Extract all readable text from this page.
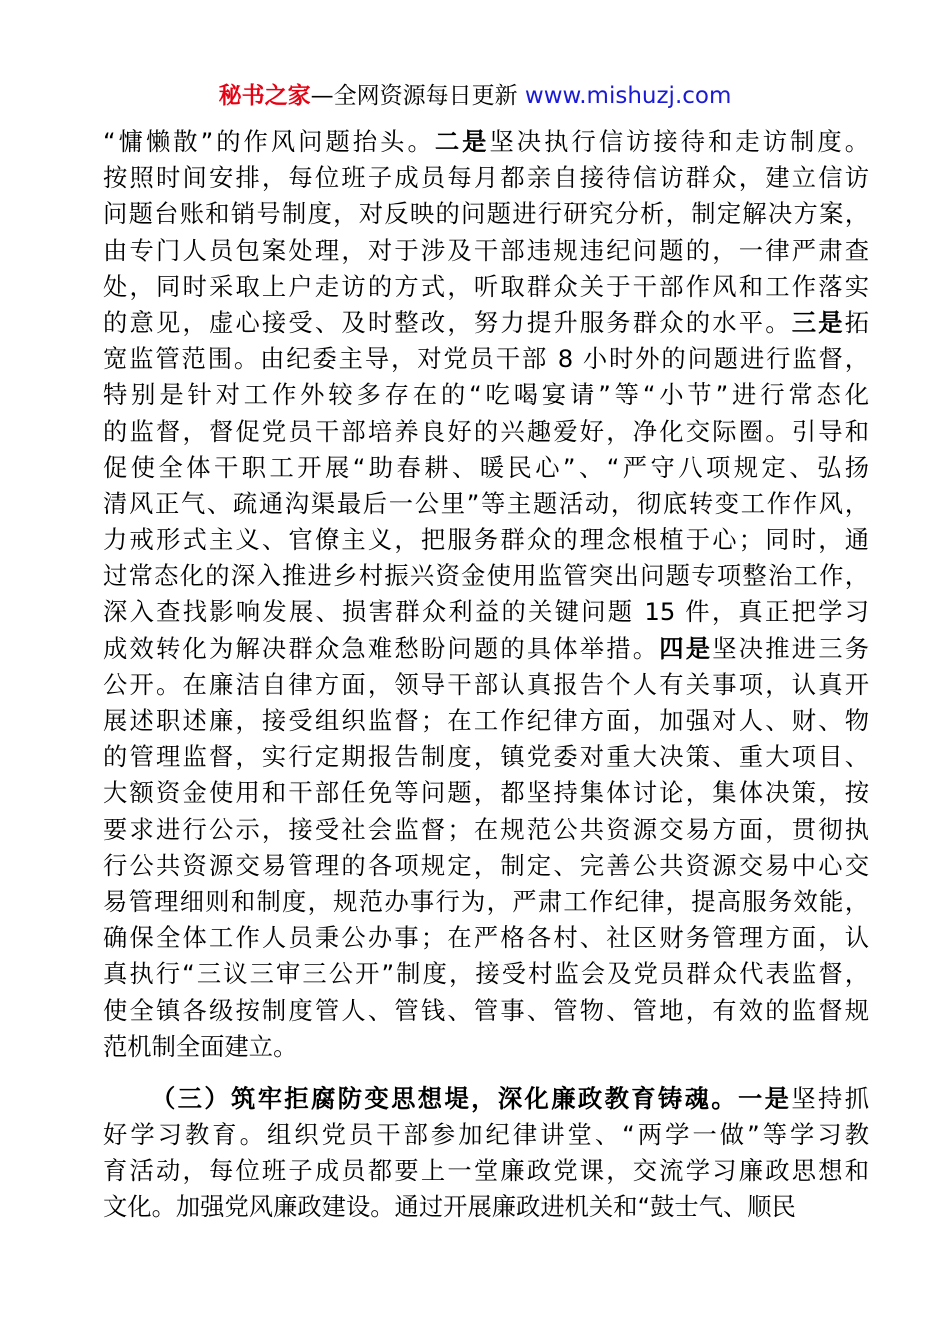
秘书之家—全网资源每日更新 www.mishuzj.com
“慵懒散”的作风问题抬头。二是坚决执行信访接待和走访制度。
按照时间安排，每位班子成员每月都亲自接待信访群众，建立信访
问题台账和销号制度，对反映的问题进行研究分析，制定解决方案，
由专门人员包案处理，对于涉及干部违规违纪问题的，一律严肃查
处，同时采取上户走访的方式，听取群众关于干部作风和工作落实
的意见，虚心接受、及时整改，努力提升服务群众的水平。三是拓
宽监管范围。由纪委主导，对党员干部 8 小时外的问题进行监督，
特别是针对工作外较多存在的“吃喝宴请”等“小节”进行常态化
的监督，督促党员干部培养良好的兴趣爱好，净化交际圈。引导和
促使全体干职工开展“助春耕、暖民心”、“严守八项规定、弘扬
清风正气、疏通沟渠最后一公里”等主题活动，彻底转变工作作风，
力戒形式主义、官僚主义，把服务群众的理念根植于心；同时，通
过常态化的深入推进乡村振兴资金使用监管突出问题专项整治工作，
深入查找影响发展、损害群众利益的关键问题 15 件，真正把学习
成效转化为解决群众急难愁盼问题的具体举措。四是坚决推进三务
公开。在廉洁自律方面，领导干部认真报告个人有关事项，认真开
展述职述廉，接受组织监督；在工作纪律方面，加强对人、财、物
的管理监督，实行定期报告制度，镇党委对重大决策、重大项目、
大额资金使用和干部任免等问题，都坚持集体讨论，集体决策，按
要求进行公示，接受社会监督；在规范公共资源交易方面，贯彻执
行公共资源交易管理的各项规定，制定、完善公共资源交易中心交
易管理细则和制度，规范办事行为，严肃工作纪律，提高服务效能，
确保全体工作人员秉公办事；在严格各村、社区财务管理方面，认
真执行“三议三审三公开”制度，接受村监会及党员群众代表监督，
使全镇各级按制度管人、管钱、管事、管物、管地，有效的监督规
范机制全面建立。
（三）筑牢拒腐防变思想堤，深化廉政教育铸魂。一是坚持抓
好学习教育。组织党员干部参加纪律讲堂、“两学一做”等学习教
育活动，每位班子成员都要上一堂廉政党课，交流学习廉政思想和
文化。加强党风廉政建设。通过开展廉政进机关和“鼓士气、顺民
